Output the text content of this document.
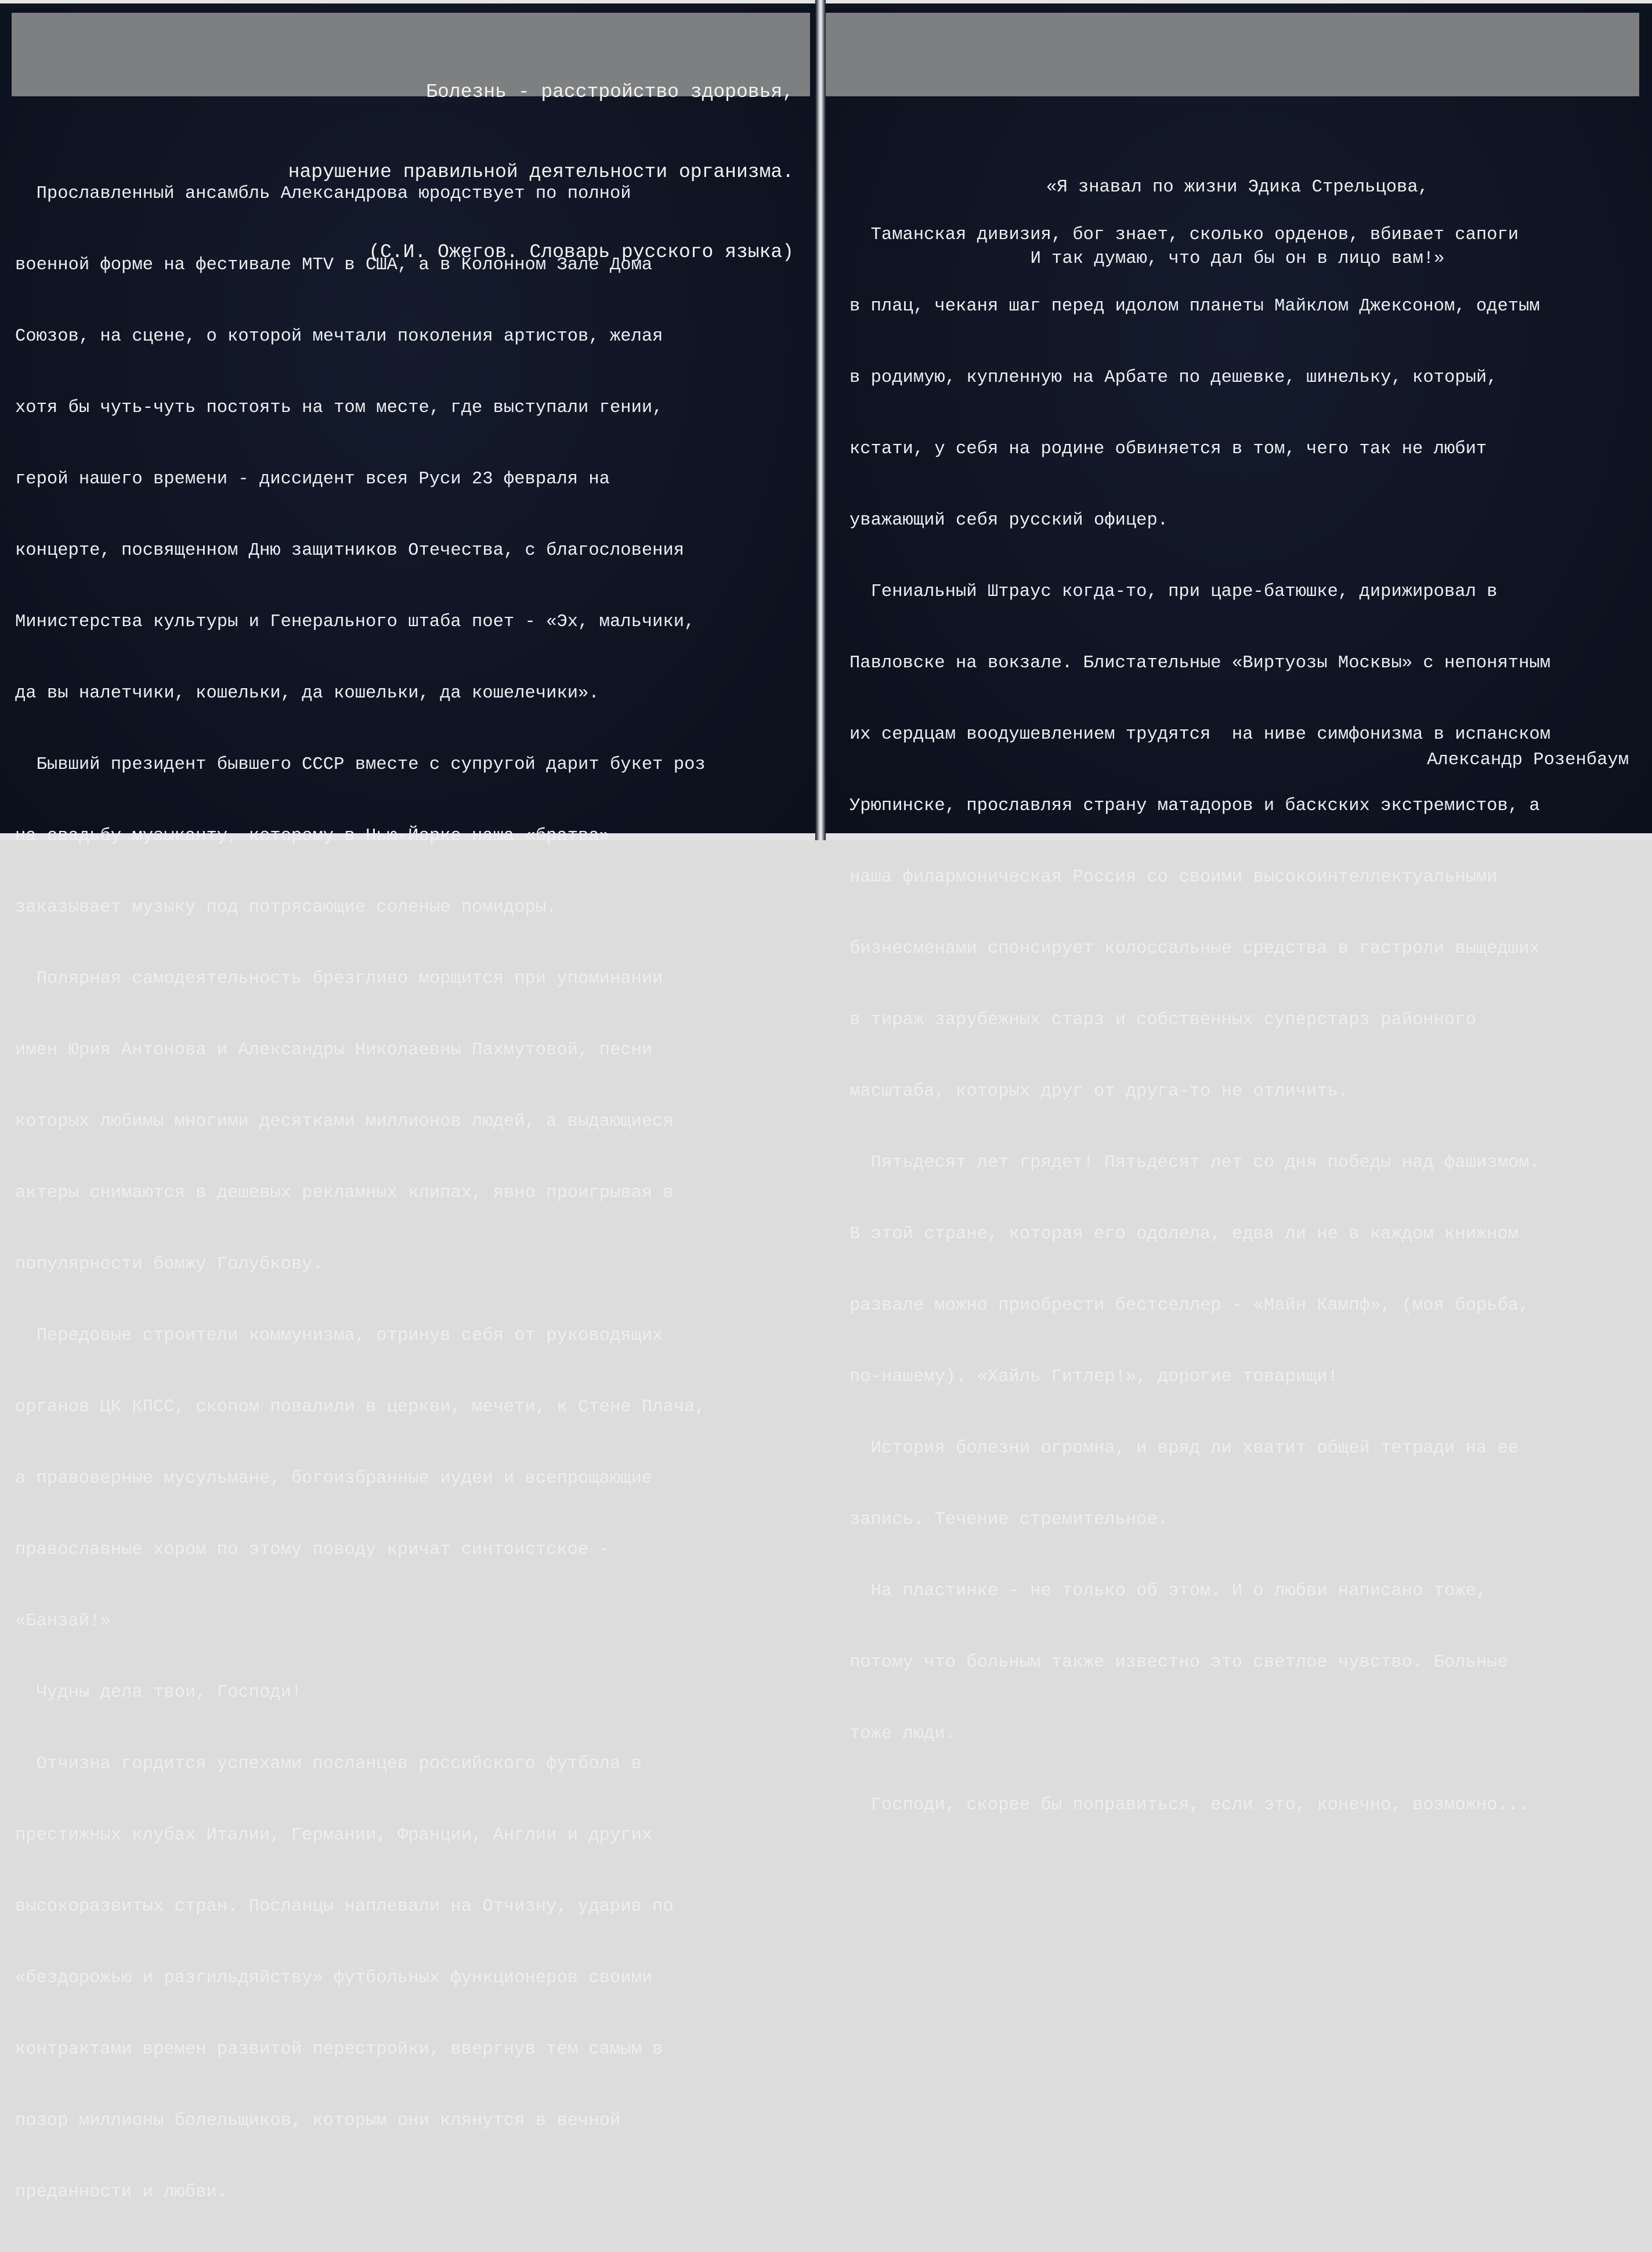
Прославленный ансамбль Александрова юродствует по полной

военной форме на фестивале MTV в США, а в Колонном Зале Дома

Союзов, на сцене, о которой мечтали поколения артистов, желая

хотя бы чуть-чуть постоять на том месте, где выступали гении,

герой нашего времени - диссидент всея Руси 23 февраля на

концерте, посвященном Дню защитников Отечества, с благословения

Министерства культуры и Генерального штаба поет - «Эх, мальчики,

да вы налетчики, кошельки, да кошельки, да кошелечики».

Бывший президент бывшего СССР вместе с супругой дарит букет роз

на свадьбу музыканту, которому в Нью-Йорке наша «братва»

заказывает музыку под потрясающие соленые помидоры.

Полярная самодеятельность брезгливо морщится при упоминании

имен Юрия Антонова и Александры Николаевны Пахмутовой, песни

которых любимы многими десятками миллионов людей, а выдающиеся

актеры снимаются в дешевых рекламных клипах, явно проигрывая в

популярности бомжу Голубкову.

Передовые строители коммунизма, отринув себя от руководящих

органов ЦК КПСС, скопом повалили в церкви, мечети, к Стене Плача,

а правоверные мусульмане, богоизбранные иудеи и всепрощающие

православные хором по этому поводу кричат синтоистское -

«Банзай!»

Чудны дела твои, Господи!

Отчизна гордится успехами посланцев российского футбола в

престижных клубах Италии, Германии, Франции, Англии и других

высокоразвитых стран. Посланцы наплевали на Отчизну, ударив по

«бездорожью и разгильдяйству» футбольных функционеров своими

контрактами времен развитой перестройки, ввергнув тем самым в

позор миллионы болельщиков, которым они клянутся в вечной

преданности и любви.

Болезнь - расстройство здоровья,

нарушение правильной деятельности организма.

(С.И. Ожегов. Словарь русского языка)

«Я знавал по жизни Эдика Стрельцова,

И так думаю, что дал бы он в лицо вам!»

Таманская дивизия, бог знает, сколько орденов, вбивает сапоги

в плац, чеканя шаг перед идолом планеты Майклом Джексоном, одетым

в родимую, купленную на Арбате по дешевке, шинельку, который,

кстати, у себя на родине обвиняется в том, чего так не любит

уважающий себя русский офицер.

Гениальный Штраус когда-то, при царе-батюшке, дирижировал в

Павловске на вокзале. Блистательные «Виртуозы Москвы» с непонятным

их сердцам воодушевлением трудятся  на ниве симфонизма в испанском

Урюпинске, прославляя страну матадоров и баскских экстремистов, а

наша филармоническая Россия со своими высокоинтеллектуальными

бизнесменами спонсирует колоссальные средства в гастроли выщедших

в тираж зарубежных старз и собственных суперстарз районного

масштаба, которых друг от друга-то не отличить.

Пятьдесят лет грядет! Пятьдесят лет со дня победы над фашизмом.

В этой стране, которая его одолела, едва ли не в каждом книжном

развале можно приобрести бестселлер - «Майн Кампф», (моя борьба,

по-нашему). «Хайль Гитлер!», дорогие товарищи!

История болезни огромна, и вряд ли хватит общей тетради на ее

запись. Течение стремительное.

На пластинке - не только об этом. И о любви написано тоже,

потому что больным также известно это светлое чувство. Больные

тоже люди.

Господи, скорее бы поправиться, если это, конечно, возможно...

Александр Розенбаум
